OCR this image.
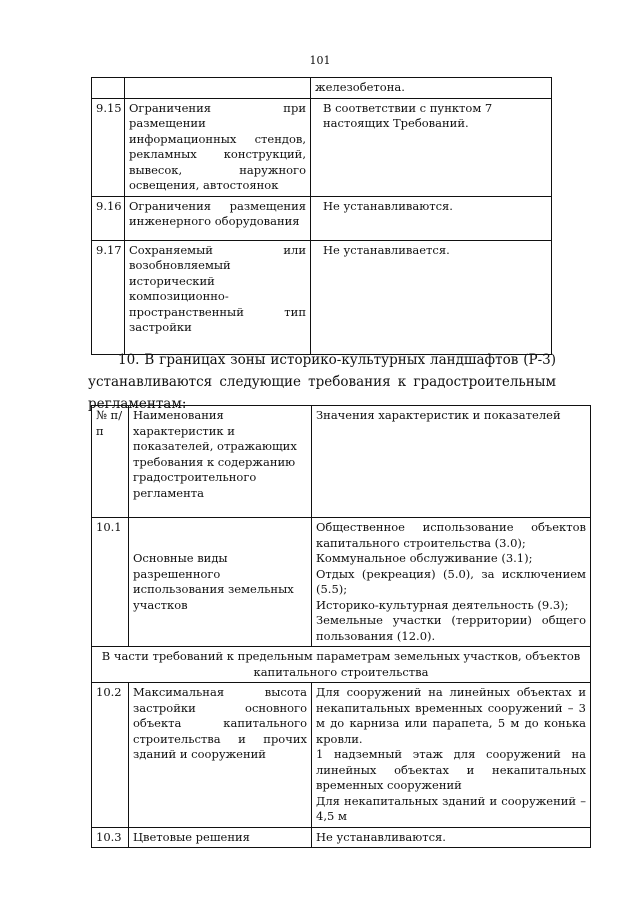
101
		железобетона.
9.15	Ограничения при размещении информационных стендов, рекламных конструкций, вывесок, наружного освещения, автостоянок	В соответствии с пунктом 7 настоящих Требований.
9.16	Ограничения размещения инженерного оборудования	Не устанавливаются.
9.17	Сохраняемый или возобновляемый исторический композиционно-пространственный тип застройки	Не устанавливается.
10. В границах зоны историко-культурных ландшафтов (Р-3) устанавливаются следующие требования к градостроительным регламентам:
№ п/п	Наименования характеристик и показателей, отражающих требования к содержанию градостроительного регламента	Значения характеристик и показателей
10.1	Основные виды разрешенного использования земельных участков	Общественное использование объектов капитального строительства (3.0);
Коммунальное обслуживание (3.1);
Отдых (рекреация) (5.0), за исключением (5.5);
Историко-культурная деятельность (9.3);
Земельные участки (территории) общего пользования (12.0).

В части требований к предельным параметрам земельных участков, объектов капитального строительства		
10.2	Максимальная высота застройки основного объекта капитального строительства и прочих зданий и сооружений	Для сооружений на линейных объектах и некапитальных временных сооружений – 3 м до карниза или парапета, 5 м до конька кровли.
1 надземный этаж для сооружений на линейных объектах и некапитальных временных сооружений
Для некапитальных зданий и сооружений – 4,5 м

10.3	Цветовые решения	Не устанавливаются.
